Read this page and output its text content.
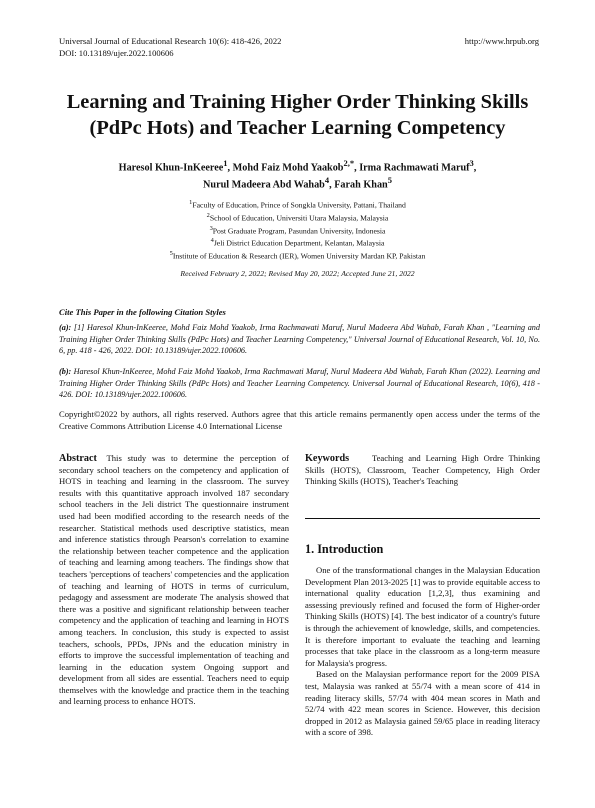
Universal Journal of Educational Research 10(6): 418-426, 2022
DOI: 10.13189/ujer.2022.100606
http://www.hrpub.org
Learning and Training Higher Order Thinking Skills
(PdPc Hots) and Teacher Learning Competency
Haresol Khun-InKeeree$^1$, Mohd Faiz Mohd Yaakob$^{2,*}$, Irma Rachmawati Maruf$^3$,
Nurul Madeera Abd Wahab$^4$, Farah Khan$^5$
$^1$Faculty of Education, Prince of Songkla University, Pattani, Thailand
$^2$School of Education, Universiti Utara Malaysia, Malaysia
$^3$Post Graduate Program, Pasundan University, Indonesia
$^4$Jeli District Education Department, Kelantan, Malaysia
$^5$Institute of Education & Research (IER), Women University Mardan KP, Pakistan
Received February 2, 2022; Revised May 20, 2022; Accepted June 21, 2022
Cite This Paper in the following Citation Styles
(a): [1] Haresol Khun-InKeeree, Mohd Faiz Mohd Yaakob, Irma Rachmawati Maruf, Nurul Madeera Abd Wahab, Farah Khan , "Learning and Training Higher Order Thinking Skills (PdPc Hots) and Teacher Learning Competency," Universal Journal of Educational Research, Vol. 10, No. 6, pp. 418 - 426, 2022. DOI: 10.13189/ujer.2022.100606.
(b): Haresol Khun-InKeeree, Mohd Faiz Mohd Yaakob, Irma Rachmawati Maruf, Nurul Madeera Abd Wahab, Farah Khan (2022). Learning and Training Higher Order Thinking Skills (PdPc Hots) and Teacher Learning Competency. Universal Journal of Educational Research, 10(6), 418 - 426. DOI: 10.13189/ujer.2022.100606.
Copyright©2022 by authors, all rights reserved. Authors agree that this article remains permanently open access under the terms of the Creative Commons Attribution License 4.0 International License
Abstract This study was to determine the perception of secondary school teachers on the competency and application of HOTS in teaching and learning in the classroom. The survey results with this quantitative approach involved 187 secondary school teachers in the Jeli district The questionnaire instrument used had been modified according to the research needs of the researcher. Statistical methods used descriptive statistics, mean and inference statistics through Pearson's correlation to examine the relationship between teacher competence and the application of teaching and learning among teachers. The findings show that teachers 'perceptions of teachers' competencies and the application of teaching and learning of HOTS in terms of curriculum, pedagogy and assessment are moderate The analysis showed that there was a positive and significant relationship between teacher competency and the application of teaching and learning in HOTS among teachers. In conclusion, this study is expected to assist teachers, schools, PPDs, JPNs and the education ministry in efforts to improve the successful implementation of teaching and learning in the education system Ongoing support and development from all sides are essential. Teachers need to equip themselves with the knowledge and practice them in the teaching and learning process to enhance HOTS.
Keywords	Teaching and Learning High Ordre Thinking Skills (HOTS), Classroom, Teacher Competency, High Order Thinking Skills (HOTS), Teacher's Teaching
1. Introduction

One of the transformational changes in the Malaysian Education Development Plan 2013-2025 [1] was to provide equitable access to international quality education [1,2,3], thus examining and assessing previously refined and focused the form of Higher-order Thinking Skills (HOTS) [4]. The best indicator of a country's future is through the achievement of knowledge, skills, and competencies. It is therefore important to evaluate the teaching and learning processes that take place in the classroom as a long-term measure for Malaysia's progress.

Based on the Malaysian performance report for the 2009 PISA test, Malaysia was ranked at 55/74 with a mean score of 414 in reading literacy skills, 57/74 with 404 mean scores in Math and 52/74 with 422 mean scores in Science. However, this decision dropped in 2012 as Malaysia gained 59/65 place in reading literacy with a score of 398.
